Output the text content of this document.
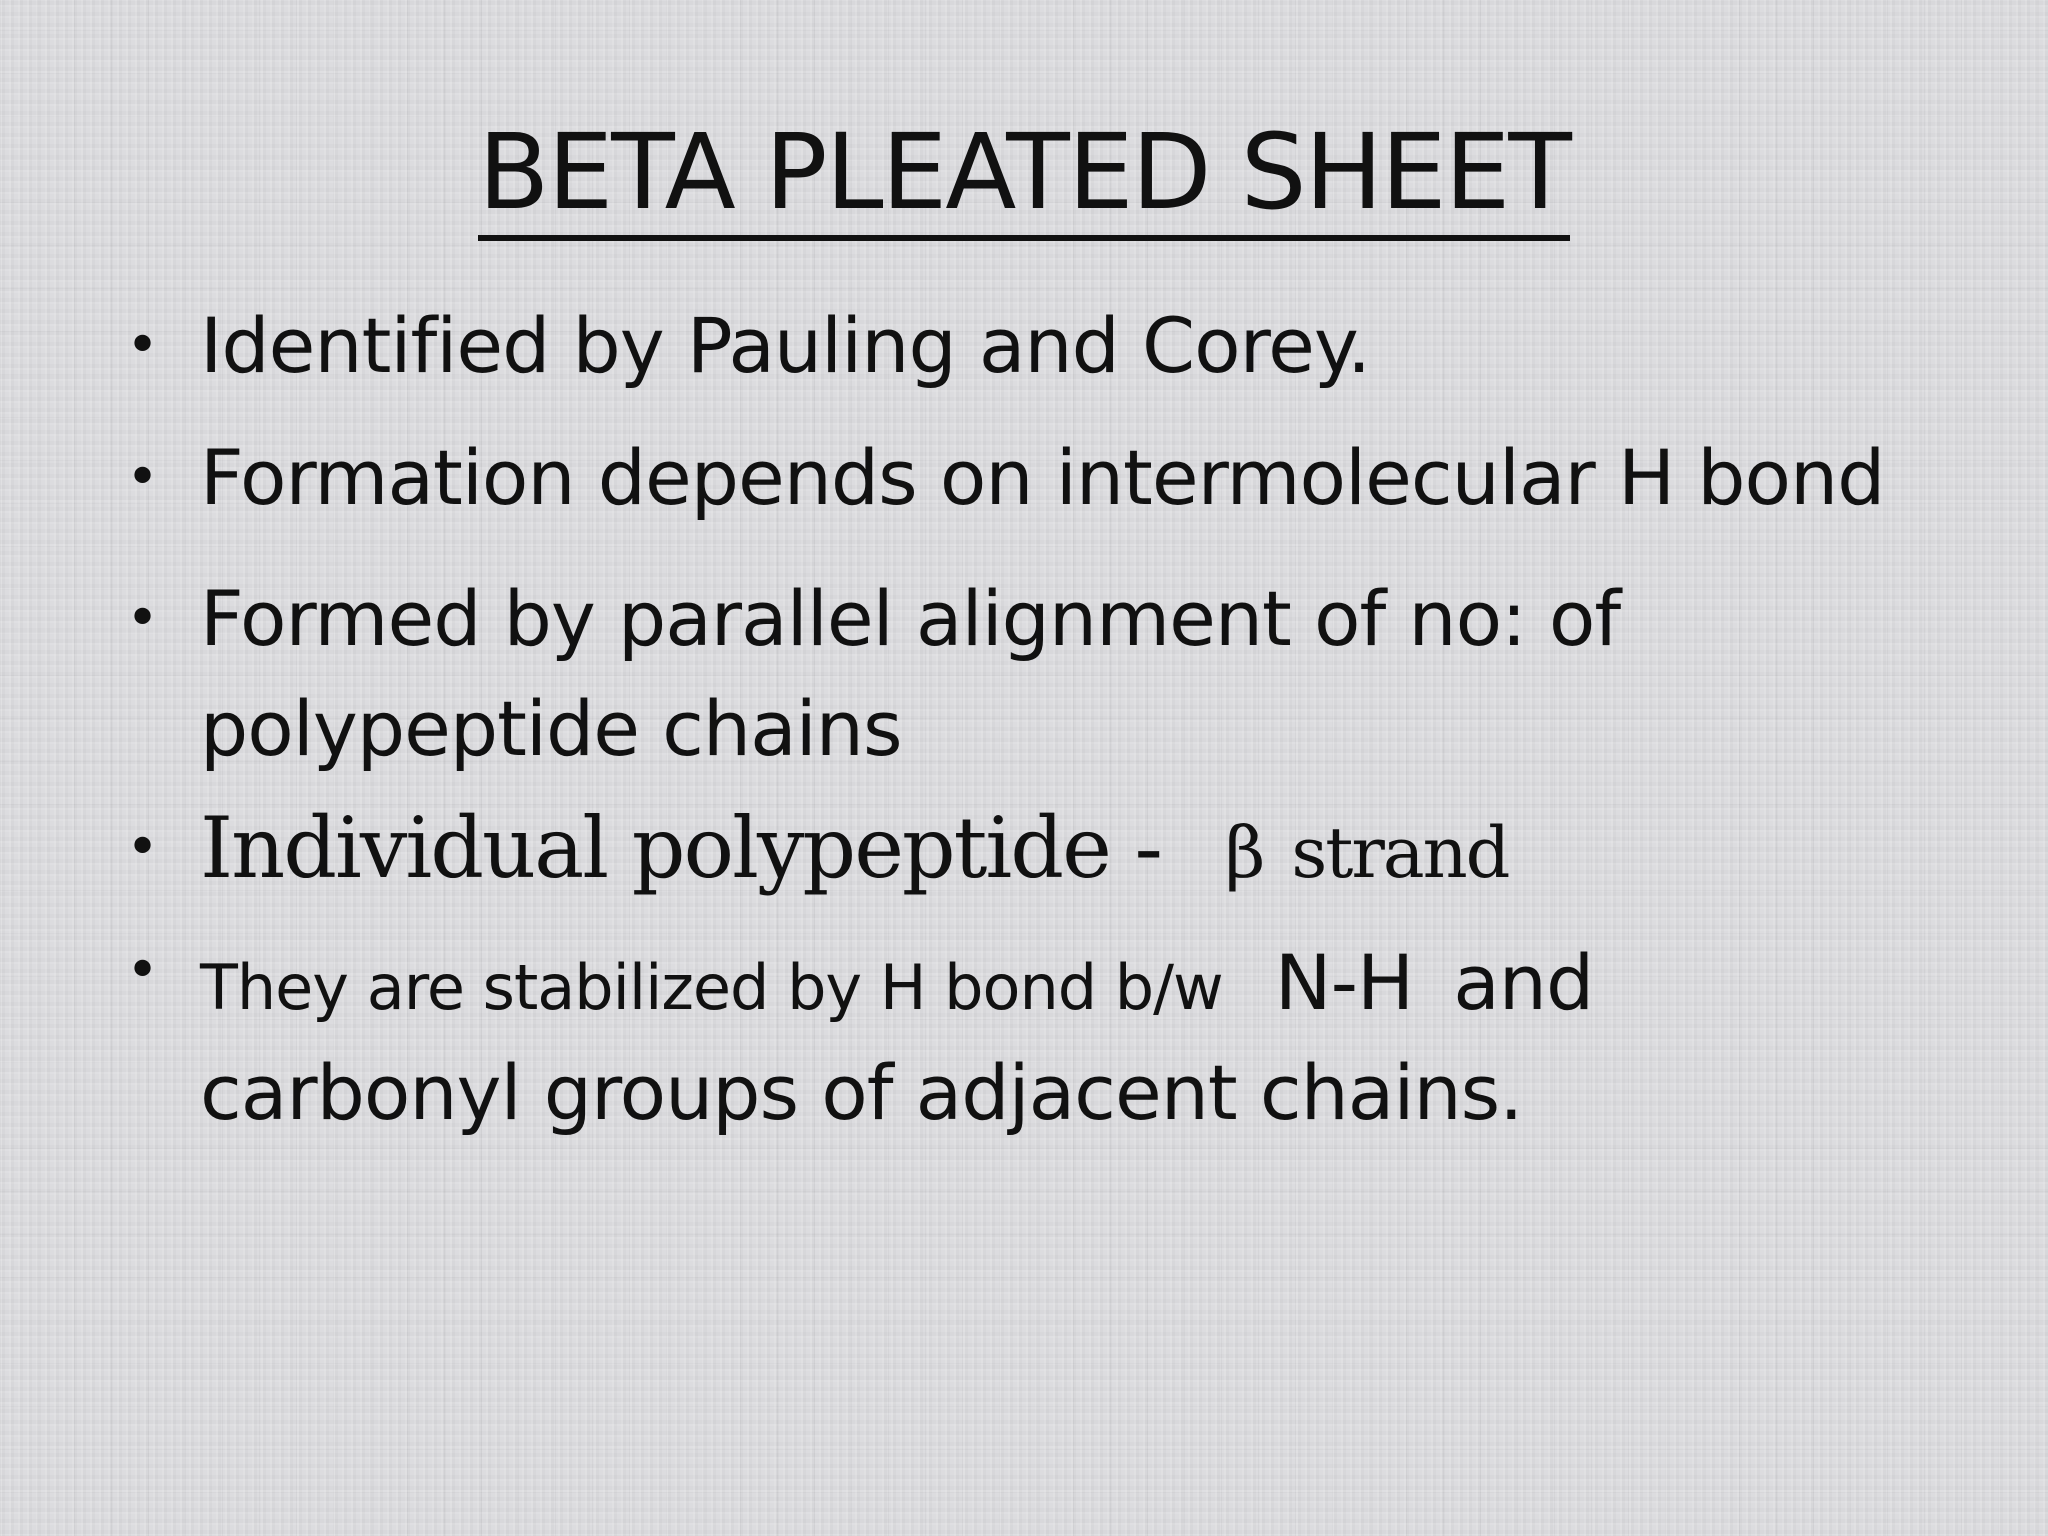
BETA PLEATED SHEET
• Identified by Pauling and Corey.
• Formation depends on intermolecular H bond
• Formed by parallel alignment of no: of
polypeptide chains
• Individual polypeptide - β strand
• They are stabilized by H bond b/w N-H and
carbonyl groups of adjacent chains.
